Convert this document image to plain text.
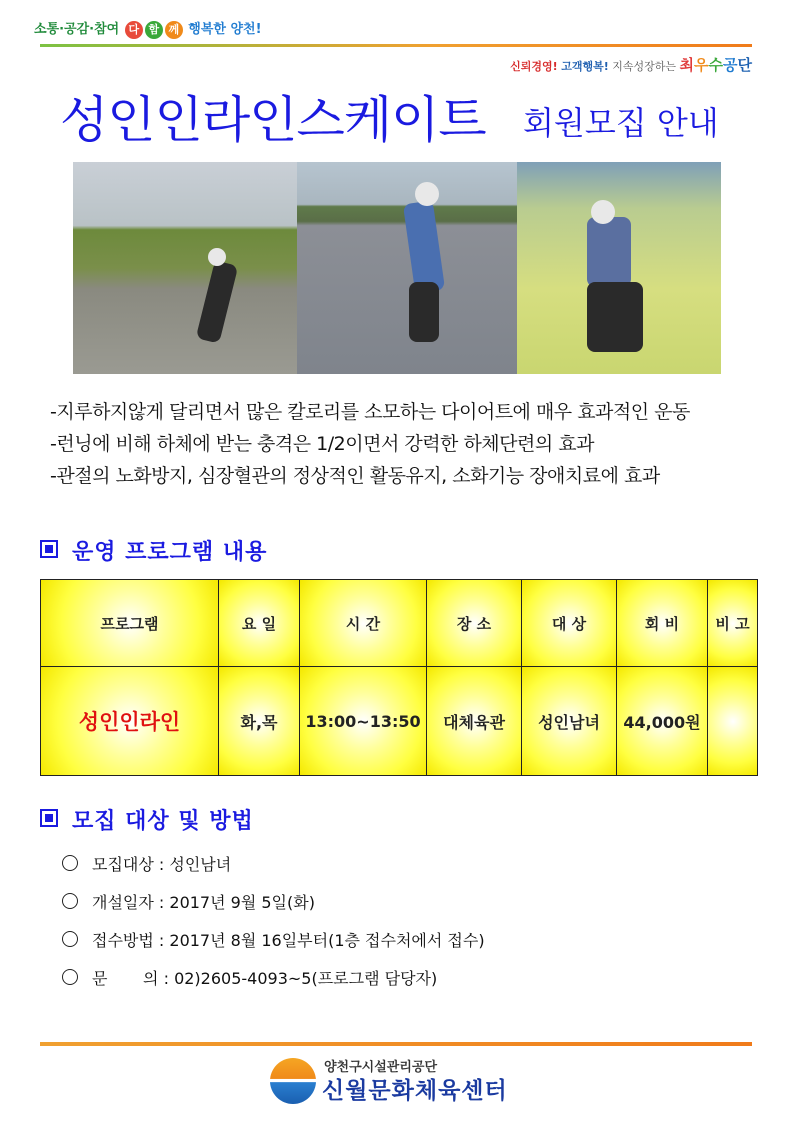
소통·공감·참여 다 함 께 행복한 양천!
신뢰경영! 고객행복! 지속성장하는 최우수공단
성인인라인스케이트 회원모집 안내
-지루하지않게 달리면서 많은 칼로리를 소모하는 다이어트에 매우 효과적인 운동
-런닝에 비해 하체에 받는 충격은 1/2이면서 강력한 하체단련의 효과
-관절의 노화방지, 심장혈관의 정상적인 활동유지, 소화기능 장애치료에 효과
운영 프로그램 내용
프로그램	요 일	시 간	장 소	대 상	회 비	비 고
성인인라인	화,목	13:00~13:50	대체육관	성인남녀	44,000원	
모집 대상 및 방법
모집대상 : 성인남녀
개설일자 : 2017년 9월 5일(화)
접수방법 : 2017년 8월 16일부터(1층 접수처에서 접수)
문       의 : 02)2605-4093~5(프로그램 담당자)
양천구시설관리공단
신월문화체육센터
